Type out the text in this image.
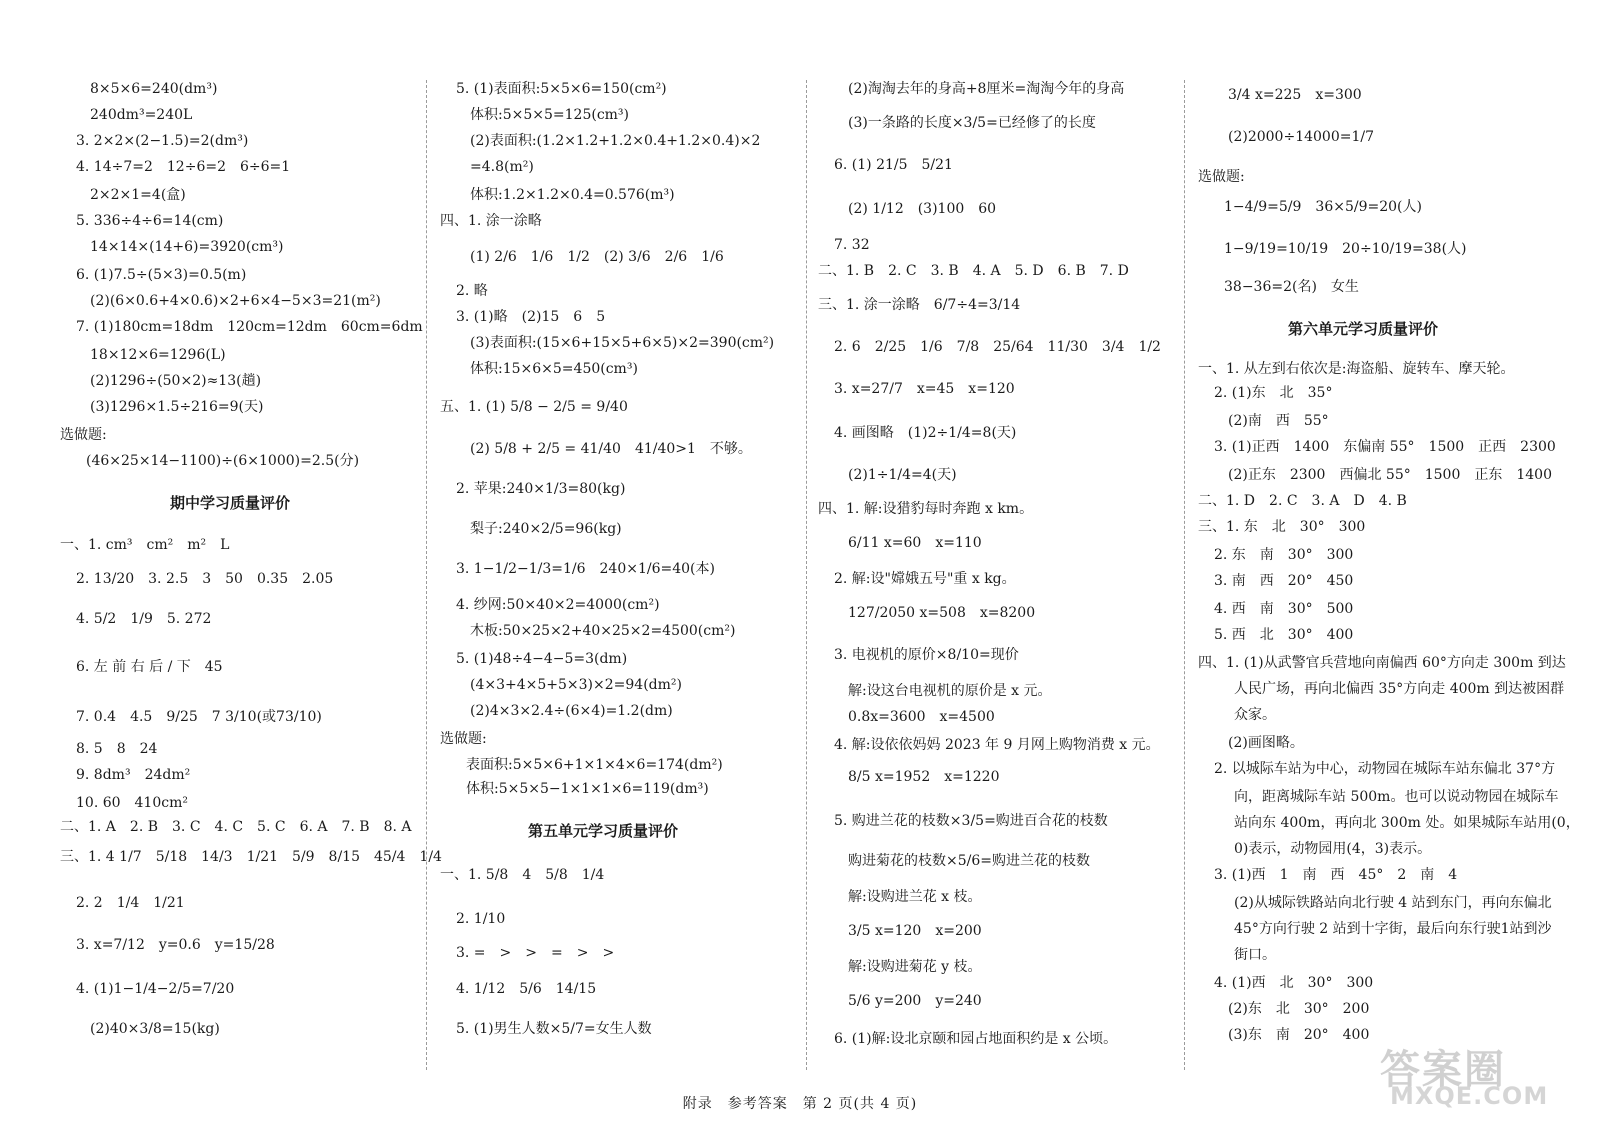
8×5×6=240(dm³)
240dm³=240L
3. 2×2×(2−1.5)=2(dm³)
4. 14÷7=2　12÷6=2　6÷6=1
2×2×1=4(盒)
5. 336÷4÷6=14(cm)
14×14×(14+6)=3920(cm³)
6. (1)7.5÷(5×3)=0.5(m)
(2)(6×0.6+4×0.6)×2+6×4−5×3=21(m²)
7. (1)180cm=18dm　120cm=12dm　60cm=6dm
18×12×6=1296(L)
(2)1296÷(50×2)≈13(趟)
(3)1296×1.5÷216=9(天)
选做题:
(46×25×14−1100)÷(6×1000)=2.5(分)
期中学习质量评价
一、1. cm³　cm²　m²　L
2. 13/20　3. 2.5　3　50　0.35　2.05
4. 5/2　1/9　5. 272
6. 左 前 右 后 / 下　45
7. 0.4　4.5　9/25　7 3/10(或73/10)
8. 5　8　24
9. 8dm³　24dm²
10. 60　410cm²
二、1. A　2. B　3. C　4. C　5. C　6. A　7. B　8. A
三、1. 4 1/7　5/18　14/3　1/21　5/9　8/15　45/4　1/4
2. 2　1/4　1/21
3. x=7/12　y=0.6　y=15/28
4. (1)1−1/4−2/5=7/20
(2)40×3/8=15(kg)
5. (1)表面积:5×5×6=150(cm²)
体积:5×5×5=125(cm³)
(2)表面积:(1.2×1.2+1.2×0.4+1.2×0.4)×2
=4.8(m²)
体积:1.2×1.2×0.4=0.576(m³)
四、1. 涂一涂略
(1) 2/6　1/6　1/2　(2) 3/6　2/6　1/6
2. 略
3. (1)略　(2)15　6　5
(3)表面积:(15×6+15×5+6×5)×2=390(cm²)
体积:15×6×5=450(cm³)
五、1. (1) 5/8 − 2/5 = 9/40
(2) 5/8 + 2/5 = 41/40　41/40>1　不够。
2. 苹果:240×1/3=80(kg)
梨子:240×2/5=96(kg)
3. 1−1/2−1/3=1/6　240×1/6=40(本)
4. 纱网:50×40×2=4000(cm²)
木板:50×25×2+40×25×2=4500(cm²)
5. (1)48÷4−4−5=3(dm)
(4×3+4×5+5×3)×2=94(dm²)
(2)4×3×2.4÷(6×4)=1.2(dm)
选做题:
表面积:5×5×6+1×1×4×6=174(dm²)
体积:5×5×5−1×1×1×6=119(dm³)
第五单元学习质量评价
一、1. 5/8　4　5/8　1/4
2. 1/10
3. =　>　>　=　>　>
4. 1/12　5/6　14/15
5. (1)男生人数×5/7=女生人数
(2)淘淘去年的身高+8厘米=淘淘今年的身高
(3)一条路的长度×3/5=已经修了的长度
6. (1) 21/5　5/21
(2) 1/12　(3)100　60
7. 32
二、1. B　2. C　3. B　4. A　5. D　6. B　7. D
三、1. 涂一涂略　6/7÷4=3/14
2. 6　2/25　1/6　7/8　25/64　11/30　3/4　1/2
3. x=27/7　x=45　x=120
4. 画图略　(1)2÷1/4=8(天)
(2)1÷1/4=4(天)
四、1. 解:设猎豹每时奔跑 x km。
6/11 x=60　x=110
2. 解:设"嫦娥五号"重 x kg。
127/2050 x=508　x=8200
3. 电视机的原价×8/10=现价
解:设这台电视机的原价是 x 元。
0.8x=3600　x=4500
4. 解:设依依妈妈 2023 年 9 月网上购物消费 x 元。
8/5 x=1952　x=1220
5. 购进兰花的枝数×3/5=购进百合花的枝数
购进菊花的枝数×5/6=购进兰花的枝数
解:设购进兰花 x 枝。
3/5 x=120　x=200
解:设购进菊花 y 枝。
5/6 y=200　y=240
6. (1)解:设北京颐和园占地面积约是 x 公顷。
3/4 x=225　x=300
(2)2000÷14000=1/7
选做题:
1−4/9=5/9　36×5/9=20(人)
1−9/19=10/19　20÷10/19=38(人)
38−36=2(名)　女生
第六单元学习质量评价
一、1. 从左到右依次是:海盗船、旋转车、摩天轮。
2. (1)东　北　35°
(2)南　西　55°
3. (1)正西　1400　东偏南 55°　1500　正西　2300
(2)正东　2300　西偏北 55°　1500　正东　1400
二、1. D　2. C　3. A　D　4. B
三、1. 东　北　30°　300
2. 东　南　30°　300
3. 南　西　20°　450
4. 西　南　30°　500
5. 西　北　30°　400
四、1. (1)从武警官兵营地向南偏西 60°方向走 300m 到达
人民广场，再向北偏西 35°方向走 400m 到达被困群
众家。
(2)画图略。
2. 以城际车站为中心，动物园在城际车站东偏北 37°方
向，距离城际车站 500m。也可以说动物园在城际车
站向东 400m，再向北 300m 处。如果城际车站用(0，
0)表示，动物园用(4，3)表示。
3. (1)西　1　南　西　45°　2　南　4
(2)从城际铁路站向北行驶 4 站到东门，再向东偏北
45°方向行驶 2 站到十字街，最后向东行驶1站到沙
街口。
4. (1)西　北　30°　300
(2)东　北　30°　200
(3)东　南　20°　400
附录　参考答案　第 2 页(共 4 页)
答案圈
MXQE.COM
